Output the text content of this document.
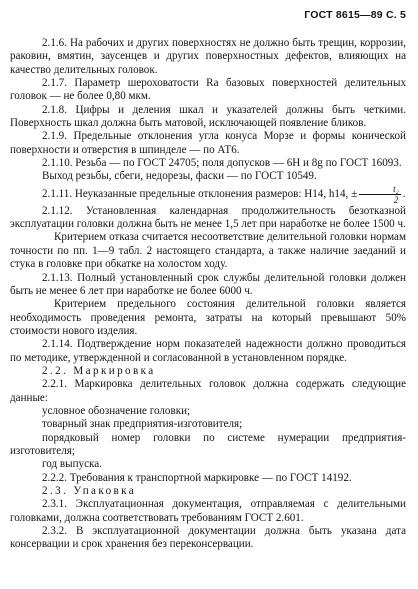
ГОСТ 8615—89 С. 5

2.1.6. На рабочих и других поверхностях не должно быть трещин, коррозии, раковин, вмятин, заусенцев и других поверхностных дефектов, влияющих на качество делительных головок.

2.1.7. Параметр шероховатости Ra базовых поверхностей делительных головок — не более 0,80 мкм.

2.1.8. Цифры и деления шкал и указателей должны быть четкими. Поверхность шкал должна быть матовой, исключающей появление бликов.

2.1.9. Предельные отклонения угла конуса Морзе и формы конической поверхности и отверстия в шпинделе — по АТ6.

2.1.10. Резьба — по ГОСТ 24705; поля допусков — 6Н и 8g по ГОСТ 16093.

Выход резьбы, сбеги, недорезы, фаски — по ГОСТ 10549.

2.1.11. Неуказанные предельные отклонения размеров: Н14, h14, ± $\frac{\text{t₂}}{2}$ .

2.1.12. Установленная календарная продолжительность безотказной эксплуатации головки должна быть не менее 1,5 лет при наработке не более 1500 ч.

Критерием отказа считается несоответствие делительной головки нормам точности по пп. 1—9 табл. 2 настоящего стандарта, а также наличие заеданий и стука в головке при обкатке на холостом ходу.

2.1.13. Полный установленный срок службы делительной головки должен быть не менее 6 лет при наработке не более 6000 ч.

Критерием предельного состояния делительной головки является необходимость проведения ремонта, затраты на который превышают 50% стоимости нового изделия.

2.1.14. Подтверждение норм показателей надежности должно проводиться по методике, утвержденной и согласованной в установленном порядке.

2.2. Маркировка

2.2.1. Маркировка делительных головок должна содержать следующие данные:

условное обозначение головки;

товарный знак предприятия-изготовителя;

порядковый номер головки по системе нумерации предприятия-изготовителя;

год выпуска.

2.2.2. Требования к транспортной маркировке — по ГОСТ 14192.

2.3. Упаковка

2.3.1. Эксплуатационная документация, отправляемая с делительными головками, должна соответствовать требованиям ГОСТ 2.601.

2.3.2. В эксплуатационной документации должна быть указана дата консервации и срок хранения без переконсервации.
